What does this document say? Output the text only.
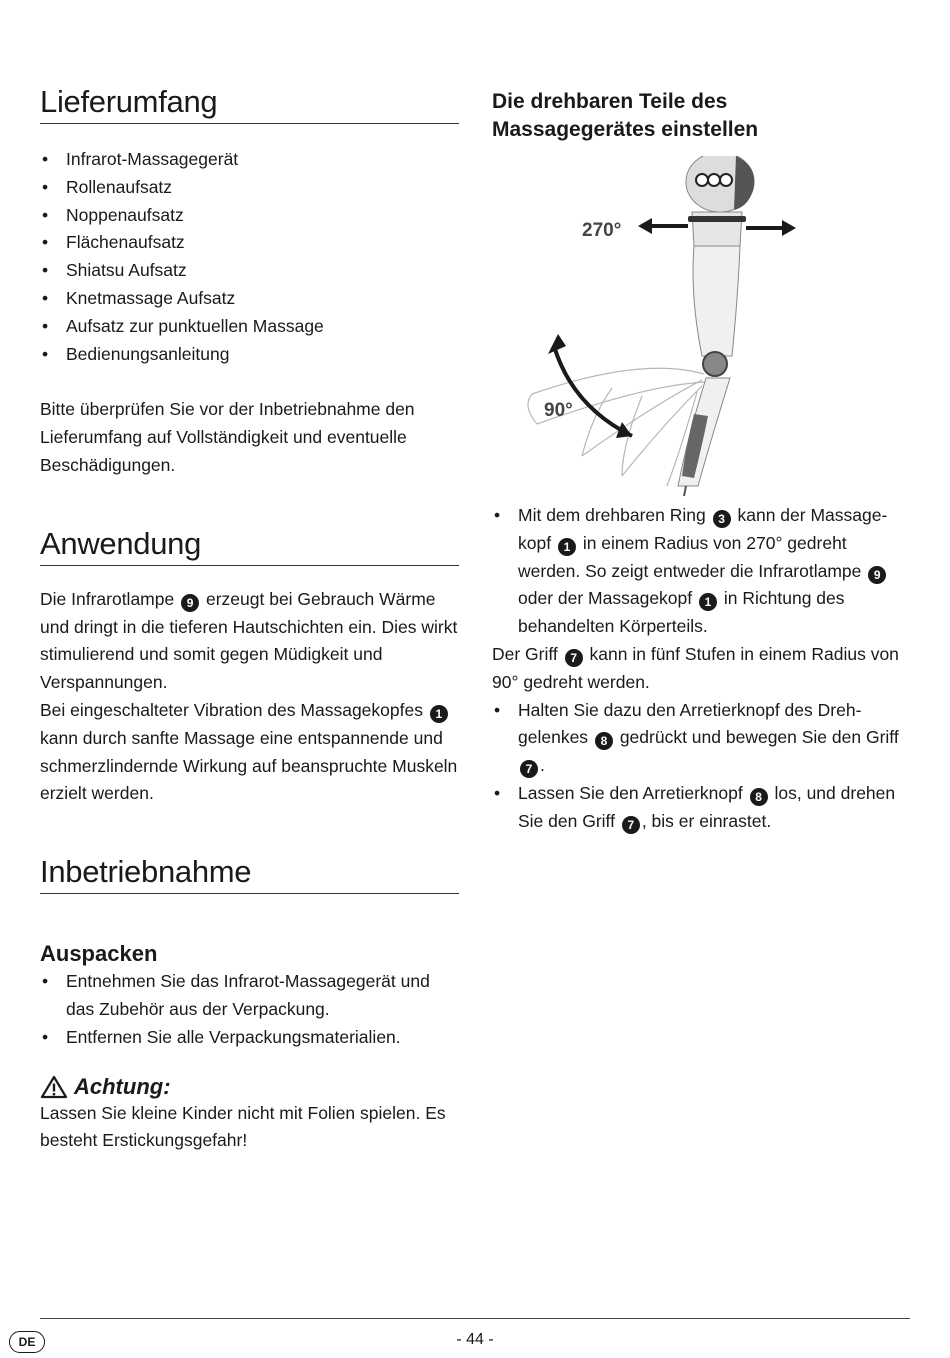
Lieferumfang
• Infrarot-Massagegerät
• Rollenaufsatz
• Noppenaufsatz
• Flächenaufsatz
• Shiatsu Aufsatz
• Knetmassage Aufsatz
• Aufsatz zur punktuellen Massage
• Bedienungsanleitung

Bitte überprüfen Sie vor der Inbetriebnahme den Lieferumfang auf Vollständigkeit und eventuelle Beschädigungen.

Anwendung

Die Infrarotlampe 9 erzeugt bei Gebrauch Wärme und dringt in die tieferen Hautschichten ein. Dies wirkt stimulierend und somit gegen Müdigkeit und Verspannungen.

Bei eingeschalteter Vibration des Massagekopfes 1 kann durch sanfte Massage eine entspannende und schmerzlindernde Wirkung auf beanspruchte Muskeln erzielt werden.

Inbetriebnahme
Auspacken
• Entnehmen Sie das Infrarot-Massagegerät und das Zubehör aus der Verpackung.
• Entfernen Sie alle Verpackungsmaterialien.
Achtung:

Lassen Sie kleine Kinder nicht mit Folien spielen. Es besteht Erstickungsgefahr!

Die drehbaren Teile des
Massagegerätes einstellen
90°
270°
• Mit dem drehbaren Ring 3 kann der Massagekopf 1 in einem Radius von 270° gedreht werden. So zeigt entweder die Infrarotlampe 9 oder der Massagekopf 1 in Richtung des behandelten Körperteils.

Der Griff 7 kann in fünf Stufen in einem Radius von 90° gedreht werden.

• Halten Sie dazu den Arretierknopf des Drehgelenkes 8 gedrückt und bewegen Sie den Griff 7 .
• Lassen Sie den Arretierknopf 8 los, und drehen Sie den Griff 7 , bis er einrastet.
DE	- 44 -
